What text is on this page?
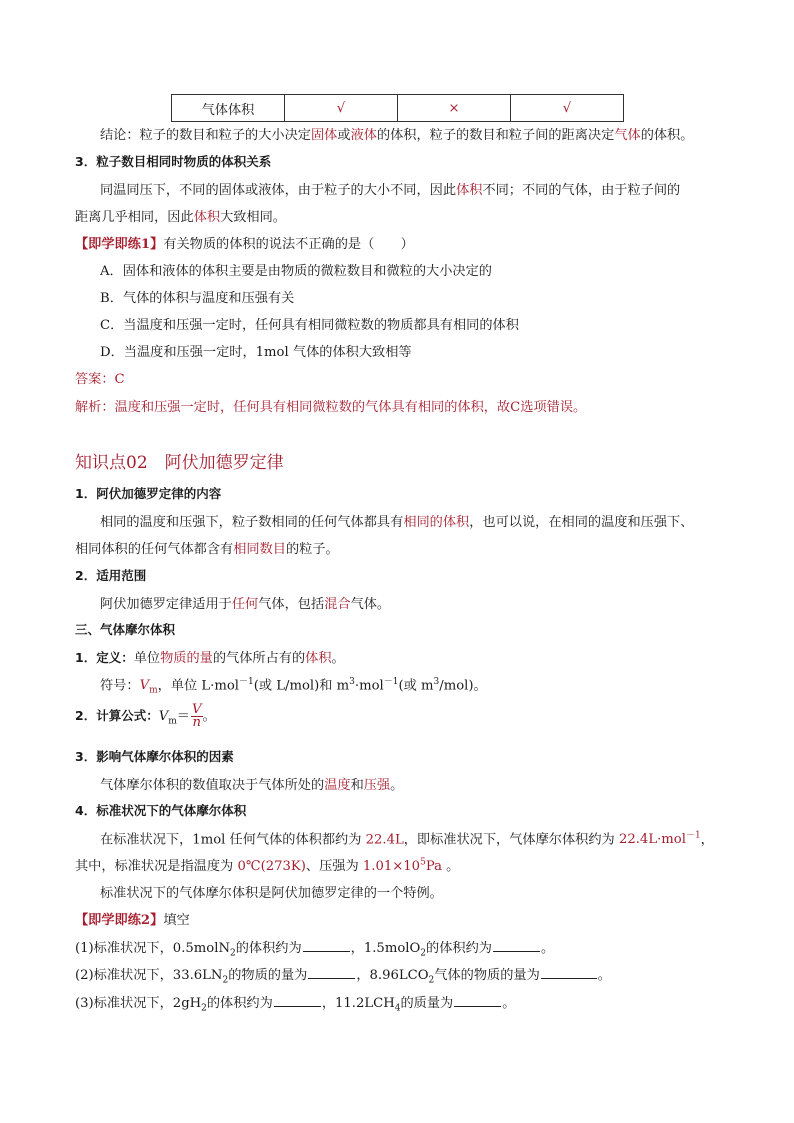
气体体积	√	×	√
结论：粒子的数目和粒子的大小决定固体或液体的体积，粒子的数目和粒子间的距离决定气体的体积。
3．粒子数目相同时物质的体积关系
同温同压下，不同的固体或液体，由于粒子的大小不同，因此体积不同；不同的气体，由于粒子间的
距离几乎相同，因此体积大致相同。
【即学即练1】有关物质的体积的说法不正确的是（　　）
A．固体和液体的体积主要是由物质的微粒数目和微粒的大小决定的
B．气体的体积与温度和压强有关
C．当温度和压强一定时，任何具有相同微粒数的物质都具有相同的体积
D．当温度和压强一定时，1mol 气体的体积大致相等
答案：C
解析：温度和压强一定时，任何具有相同微粒数的气体具有相同的体积，故C选项错误。
知识点02　阿伏加德罗定律
1．阿伏加德罗定律的内容
相同的温度和压强下，粒子数相同的任何气体都具有相同的体积，也可以说，在相同的温度和压强下、
相同体积的任何气体都含有相同数目的粒子。
2．适用范围
阿伏加德罗定律适用于任何气体，包括混合气体。
三、气体摩尔体积
1．定义：单位物质的量的气体所占有的体积。
符号：$V_m$，单位 L·mol$^{-1}$(或 L/mol)和 $m^3\cdot mol^{-1}$(或 $m^3/mol$)。
2．计算公式：$V_m= \frac{V}{n}$ 。
3．影响气体摩尔体积的因素
气体摩尔体积的数值取决于气体所处的温度和压强。
4．标准状况下的气体摩尔体积
在标准状况下，1mol 任何气体的体积都约为 22.4L，即标准状况下，气体摩尔体积约为 22.4L·mol$^{-1}$，
其中，标准状况是指温度为 0℃(273K)、压强为 $1.01\times 10^5Pa$ 。
标准状况下的气体摩尔体积是阿伏加德罗定律的一个特例。
【即学即练2】填空
(1)标准状况下，0.5molN$_2$的体积约为	，1.5molO$_2$的体积约为	。
(2)标准状况下，$33.6LN_2$的物质的量为	，$8.96LCO_2$气体的物质的量为	。
(3)标准状况下，$2gH_2$的体积约为	，$11.2LCH_4$的质量为	。
